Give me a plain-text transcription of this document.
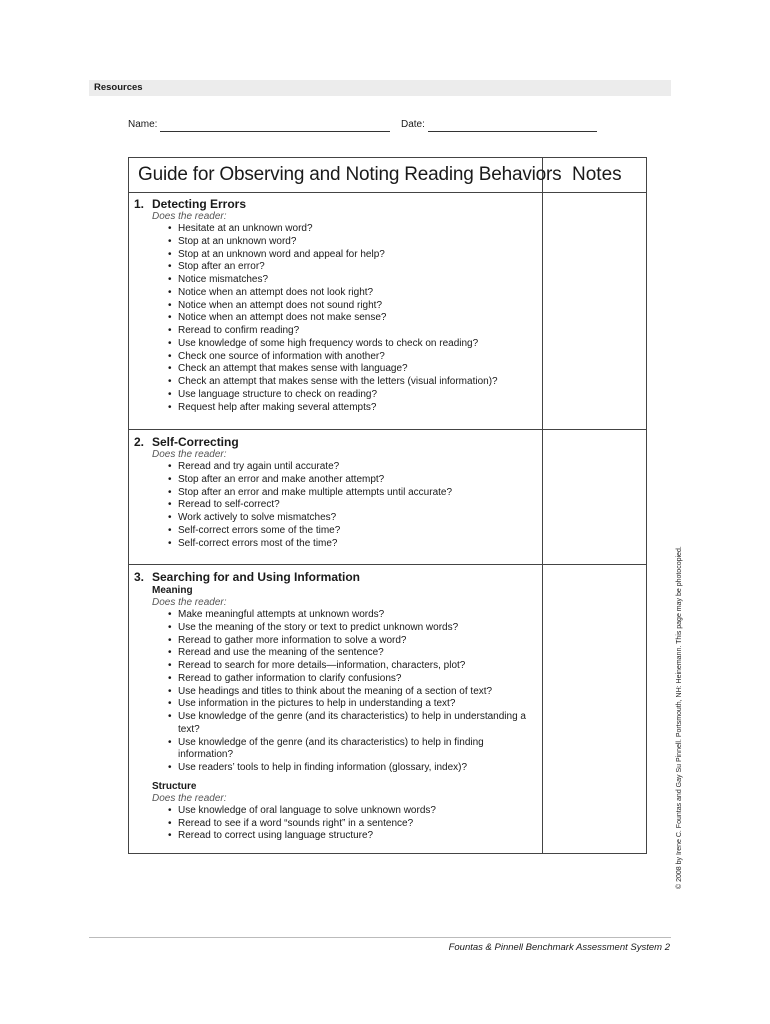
Resources
Name:	Date:
Guide for Observing and Noting Reading Behaviors Notes
1. Detecting Errors
Does the reader:
• Hesitate at an unknown word?
• Stop at an unknown word?
• Stop at an unknown word and appeal for help?
• Stop after an error?
• Notice mismatches?
• Notice when an attempt does not look right?
• Notice when an attempt does not sound right?
• Notice when an attempt does not make sense?
• Reread to confirm reading?
• Use knowledge of some high frequency words to check on reading?
• Check one source of information with another?
• Check an attempt that makes sense with language?
• Check an attempt that makes sense with the letters (visual information)?
• Use language structure to check on reading?
• Request help after making several attempts?
2. Self-Correcting
Does the reader:
• Reread and try again until accurate?
• Stop after an error and make another attempt?
• Stop after an error and make multiple attempts until accurate?
• Reread to self-correct?
• Work actively to solve mismatches?
• Self-correct errors some of the time?
• Self-correct errors most of the time?
3. Searching for and Using Information
Meaning
Does the reader:
• Make meaningful attempts at unknown words?
• Use the meaning of the story or text to predict unknown words?
• Reread to gather more information to solve a word?
• Reread and use the meaning of the sentence?
• Reread to search for more details—information, characters, plot?
• Reread to gather information to clarify confusions?
• Use headings and titles to think about the meaning of a section of text?
• Use information in the pictures to help in understanding a text?
• Use knowledge of the genre (and its characteristics) to help in understanding a text?
• Use knowledge of the genre (and its characteristics) to help in finding information?
• Use readers’ tools to help in finding information (glossary, index)?
Structure
Does the reader:
• Use knowledge of oral language to solve unknown words?
• Reread to see if a word “sounds right” in a sentence?
• Reread to correct using language structure?	© 2008 by Irene C. Fountas and Gay Su Pinnell. Portsmouth, NH: Heinemann. This page may be photocopied.
Fountas & Pinnell Benchmark Assessment System 2
